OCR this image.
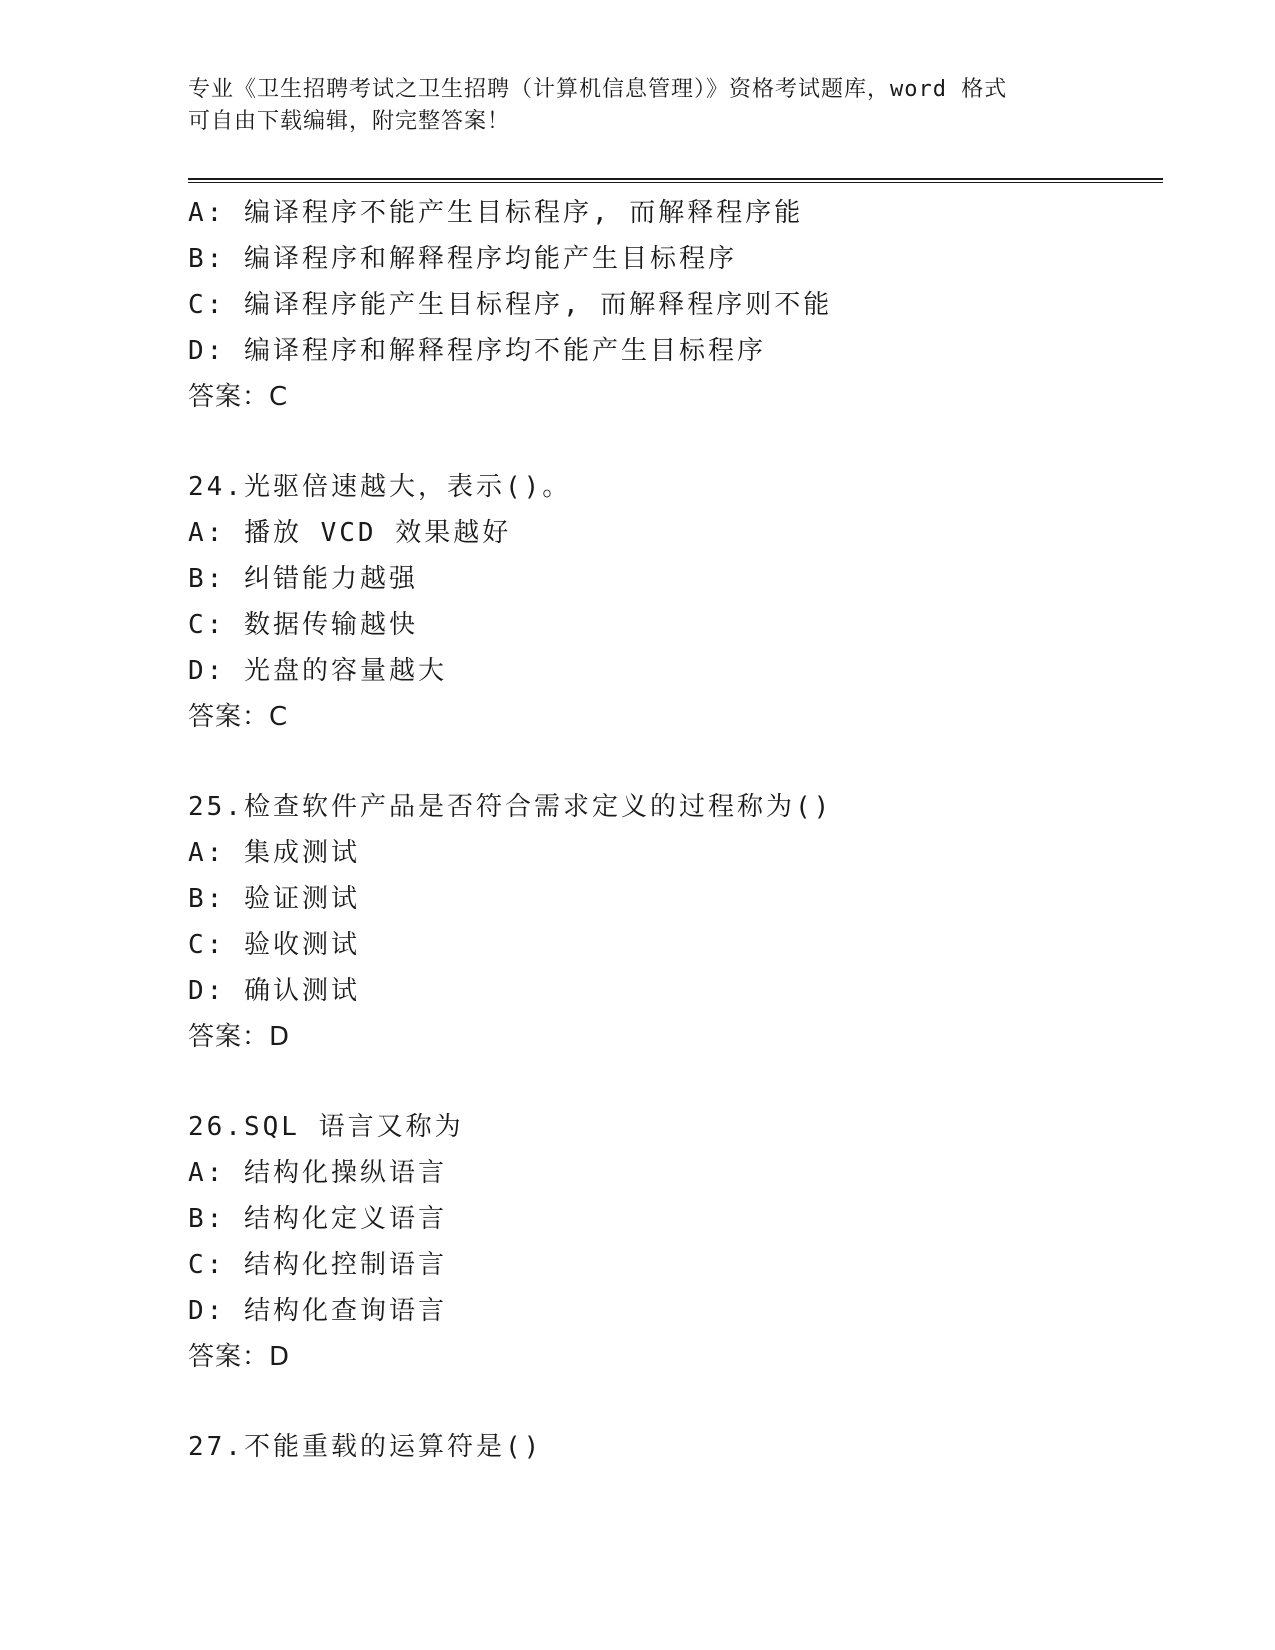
专业《卫生招聘考试之卫生招聘（计算机信息管理）》资格考试题库，word 格式
可自由下载编辑，附完整答案！
A: 编译程序不能产生目标程序, 而解释程序能
B: 编译程序和解释程序均能产生目标程序
C: 编译程序能产生目标程序, 而解释程序则不能
D: 编译程序和解释程序均不能产生目标程序
答案：C
24.光驱倍速越大，表示()。
A: 播放 VCD 效果越好
B: 纠错能力越强
C: 数据传输越快
D: 光盘的容量越大
答案：C
25.检查软件产品是否符合需求定义的过程称为()
A: 集成测试
B: 验证测试
C: 验收测试
D: 确认测试
答案：D
26.SQL 语言又称为
A: 结构化操纵语言
B: 结构化定义语言
C: 结构化控制语言
D: 结构化查询语言
答案：D
27.不能重载的运算符是()
